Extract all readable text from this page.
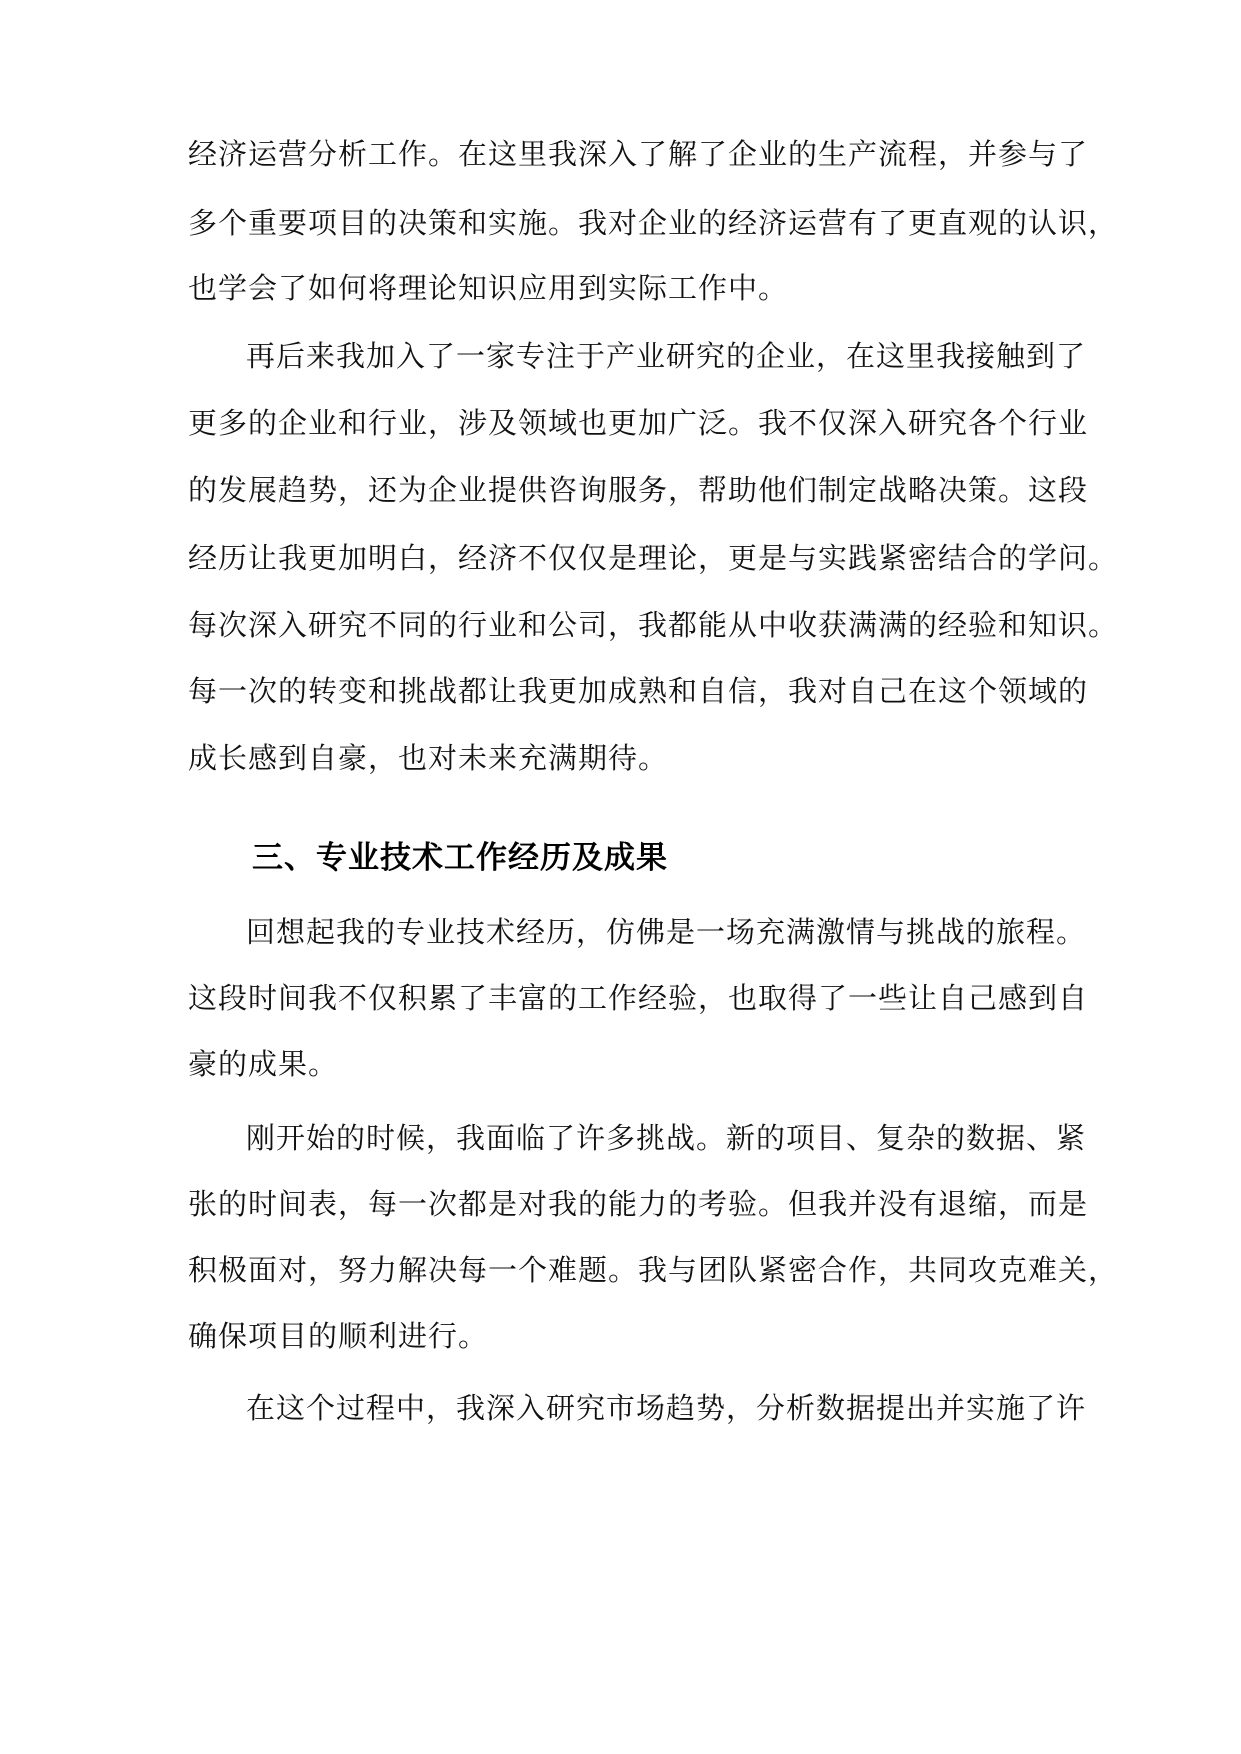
经济运营分析工作。在这里我深入了解了企业的生产流程，并参与了
多个重要项目的决策和实施。我对企业的经济运营有了更直观的认识，
也学会了如何将理论知识应用到实际工作中。
再后来我加入了一家专注于产业研究的企业，在这里我接触到了
更多的企业和行业，涉及领域也更加广泛。我不仅深入研究各个行业
的发展趋势，还为企业提供咨询服务，帮助他们制定战略决策。这段
经历让我更加明白，经济不仅仅是理论，更是与实践紧密结合的学问。
每次深入研究不同的行业和公司，我都能从中收获满满的经验和知识。
每一次的转变和挑战都让我更加成熟和自信，我对自己在这个领域的
成长感到自豪，也对未来充满期待。
三、专业技术工作经历及成果
回想起我的专业技术经历，仿佛是一场充满激情与挑战的旅程。
这段时间我不仅积累了丰富的工作经验，也取得了一些让自己感到自
豪的成果。
刚开始的时候，我面临了许多挑战。新的项目、复杂的数据、紧
张的时间表，每一次都是对我的能力的考验。但我并没有退缩，而是
积极面对，努力解决每一个难题。我与团队紧密合作，共同攻克难关，
确保项目的顺利进行。
在这个过程中，我深入研究市场趋势，分析数据提出并实施了许
